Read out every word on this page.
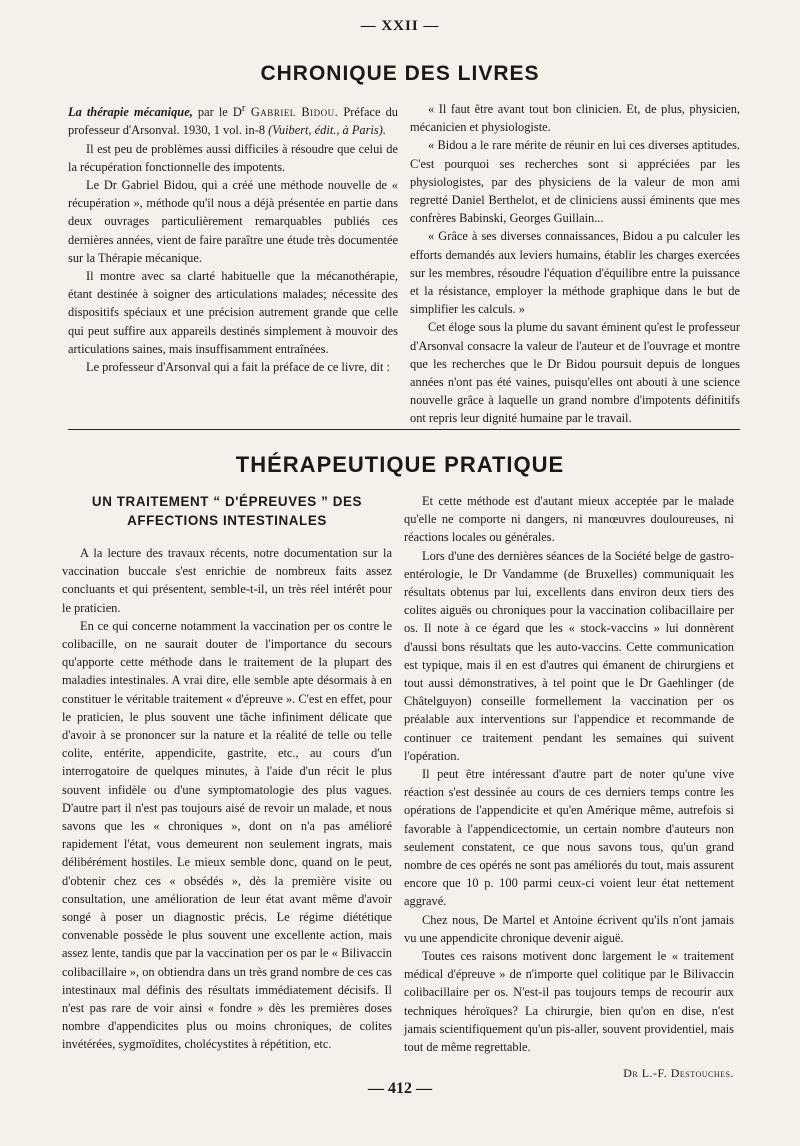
— XXII —
CHRONIQUE DES LIVRES

La thérapie mécanique, par le $D^r$ Gabriel Bidou. Préface du professeur d'Arsonval. 1930, 1 vol. in-8 (Vuibert, édit., à Paris).

Il est peu de problèmes aussi difficiles à résoudre que celui de la récupération fonctionnelle des impotents.

Le Dr Gabriel Bidou, qui a créé une méthode nouvelle de « récupération », méthode qu'il nous a déjà présentée en partie dans deux ouvrages particulièrement remarquables publiés ces dernières années, vient de faire paraître une étude très documentée sur la Thérapie mécanique.

Il montre avec sa clarté habituelle que la mécanothérapie, étant destinée à soigner des articulations malades; nécessite des dispositifs spéciaux et une précision autrement grande que celle qui peut suffire aux appareils destinés simplement à mouvoir des articulations saines, mais insuffisamment entraînées.

Le professeur d'Arsonval qui a fait la préface de ce livre, dit :

« Il faut être avant tout bon clinicien. Et, de plus, physicien, mécanicien et physiologiste.

« Bidou a le rare mérite de réunir en lui ces diverses aptitudes. C'est pourquoi ses recherches sont si appréciées par les physiologistes, par des physiciens de la valeur de mon ami regretté Daniel Berthelot, et de cliniciens aussi éminents que mes confrères Babinski, Georges Guillain...

« Grâce à ses diverses connaissances, Bidou a pu calculer les efforts demandés aux leviers humains, établir les charges exercées sur les membres, résoudre l'équation d'équilibre entre la puissance et la résistance, employer la méthode graphique dans le but de simplifier les calculs. »

Cet éloge sous la plume du savant éminent qu'est le professeur d'Arsonval consacre la valeur de l'auteur et de l'ouvrage et montre que les recherches que le Dr Bidou poursuit depuis de longues années n'ont pas été vaines, puisqu'elles ont abouti à une science nouvelle grâce à laquelle un grand nombre d'impotents définitifs ont repris leur dignité humaine par le travail.

THÉRAPEUTIQUE PRATIQUE
UN TRAITEMENT “ D'ÉPREUVES ” DES
AFFECTIONS INTESTINALES

A la lecture des travaux récents, notre documentation sur la vaccination buccale s'est enrichie de nombreux faits assez concluants et qui présentent, semble-t-il, un très réel intérêt pour le praticien.

En ce qui concerne notamment la vaccination per os contre le colibacille, on ne saurait douter de l'importance du secours qu'apporte cette méthode dans le traitement de la plupart des maladies intestinales. A vrai dire, elle semble apte désormais à en constituer le véritable traitement « d'épreuve ». C'est en effet, pour le praticien, le plus souvent une tâche infiniment délicate que d'avoir à se prononcer sur la nature et la réalité de telle ou telle colite, entérite, appendicite, gastrite, etc., au cours d'un interrogatoire de quelques minutes, à l'aide d'un récit le plus souvent infidèle ou d'une symptomatologie des plus vagues. D'autre part il n'est pas toujours aisé de revoir un malade, et nous savons que les « chroniques », dont on n'a pas amélioré rapidement l'état, vous demeurent non seulement ingrats, mais délibérément hostiles. Le mieux semble donc, quand on le peut, d'obtenir chez ces « obsédés », dès la première visite ou consultation, une amélioration de leur état avant même d'avoir songé à poser un diagnostic précis. Le régime diététique convenable possède le plus souvent une excellente action, mais assez lente, tandis que par la vaccination per os par le « Bilivaccin colibacillaire », on obtiendra dans un très grand nombre de ces cas intestinaux mal définis des résultats immédiatement décisifs. Il n'est pas rare de voir ainsi « fondre » dès les premières doses nombre d'appendicites plus ou moins chroniques, de colites invétérées, sygmoïdites, cholécystites à répétition, etc.

Et cette méthode est d'autant mieux acceptée par le malade qu'elle ne comporte ni dangers, ni manœuvres douloureuses, ni réactions locales ou générales.

Lors d'une des dernières séances de la Société belge de gastro-entérologie, le Dr Vandamme (de Bruxelles) communiquait les résultats obtenus par lui, excellents dans environ deux tiers des colites aiguës ou chroniques pour la vaccination colibacillaire per os. Il note à ce égard que les « stock-vaccins » lui donnèrent d'aussi bons résultats que les auto-vaccins. Cette communication est typique, mais il en est d'autres qui émanent de chirurgiens et tout aussi démonstratives, à tel point que le Dr Gaehlinger (de Châtelguyon) conseille formellement la vaccination per os préalable aux interventions sur l'appendice et recommande de continuer ce traitement pendant les semaines qui suivent l'opération.

Il peut être intéressant d'autre part de noter qu'une vive réaction s'est dessinée au cours de ces derniers temps contre les opérations de l'appendicite et qu'en Amérique même, autrefois si favorable à l'appendicectomie, un certain nombre d'auteurs non seulement constatent, ce que nous savons tous, qu'un grand nombre de ces opérés ne sont pas améliorés du tout, mais assurent encore que 10 p. 100 parmi ceux-ci voient leur état nettement aggravé.

Chez nous, De Martel et Antoine écrivent qu'ils n'ont jamais vu une appendicite chronique devenir aiguë.

Toutes ces raisons motivent donc largement le « traitement médical d'épreuve » de n'importe quel colitique par le Bilivaccin colibacillaire per os. N'est-il pas toujours temps de recourir aux techniques héroïques? La chirurgie, bien qu'on en dise, n'est jamais scientifiquement qu'un pis-aller, souvent providentiel, mais tout de même regrettable.

Dr L.-F. Destouches.
— 412 —
